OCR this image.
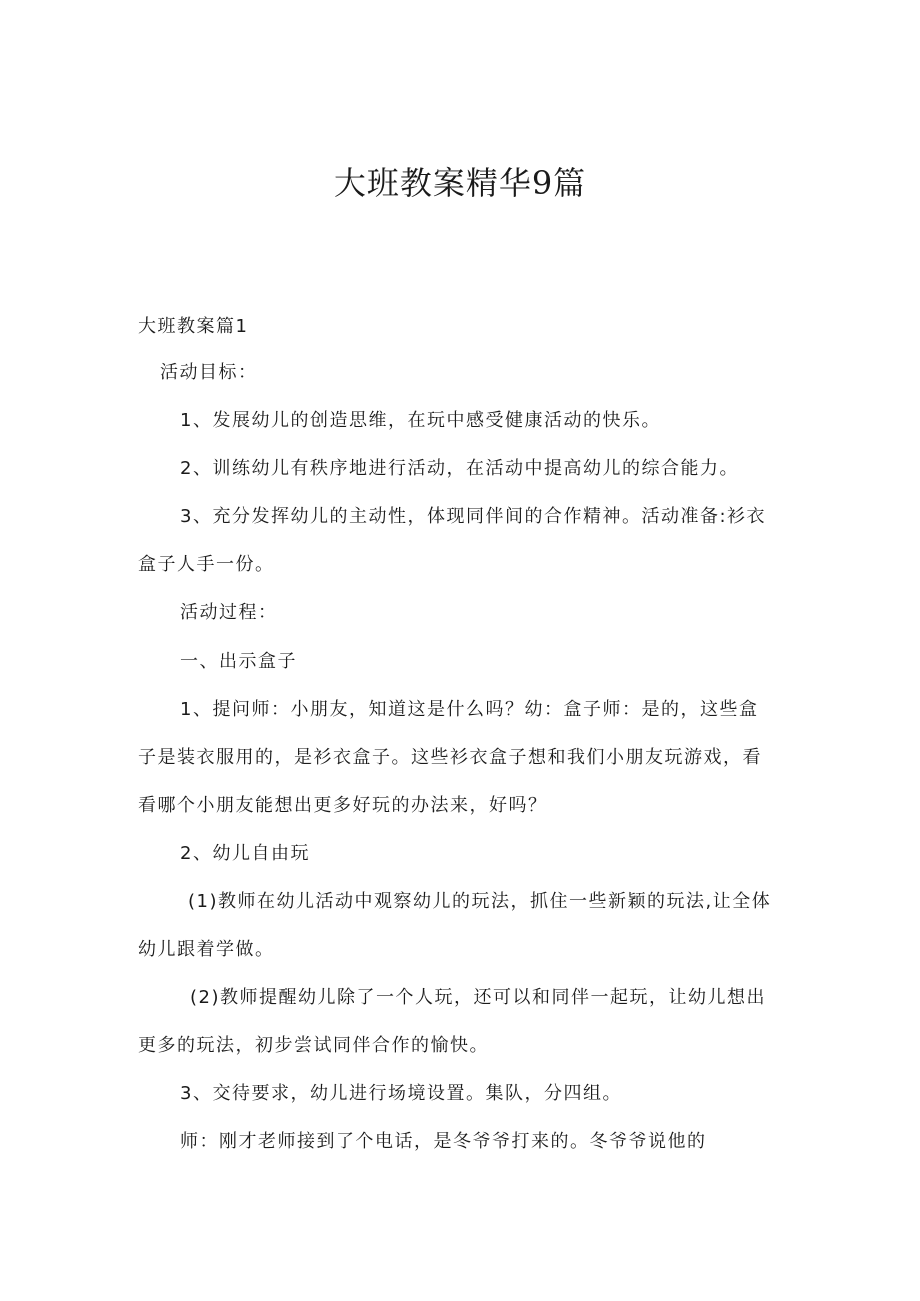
大班教案精华9篇

大班教案篇1

活动目标：

1、发展幼儿的创造思维，在玩中感受健康活动的快乐。

2、训练幼儿有秩序地进行活动，在活动中提高幼儿的综合能力。

3、充分发挥幼儿的主动性，体现同伴间的合作精神。活动准备:衫衣

盒子人手一份。

活动过程：

一、出示盒子

1、提问师：小朋友，知道这是什么吗？幼：盒子师：是的，这些盒

子是装衣服用的，是衫衣盒子。这些衫衣盒子想和我们小朋友玩游戏，看

看哪个小朋友能想出更多好玩的办法来，好吗？

2、幼儿自由玩

(1)教师在幼儿活动中观察幼儿的玩法，抓住一些新颖的玩法,让全体

幼儿跟着学做。

(2)教师提醒幼儿除了一个人玩，还可以和同伴一起玩，让幼儿想出

更多的玩法，初步尝试同伴合作的愉快。

3、交待要求，幼儿进行场境设置。集队，分四组。

师：刚才老师接到了个电话，是冬爷爷打来的。冬爷爷说他的
